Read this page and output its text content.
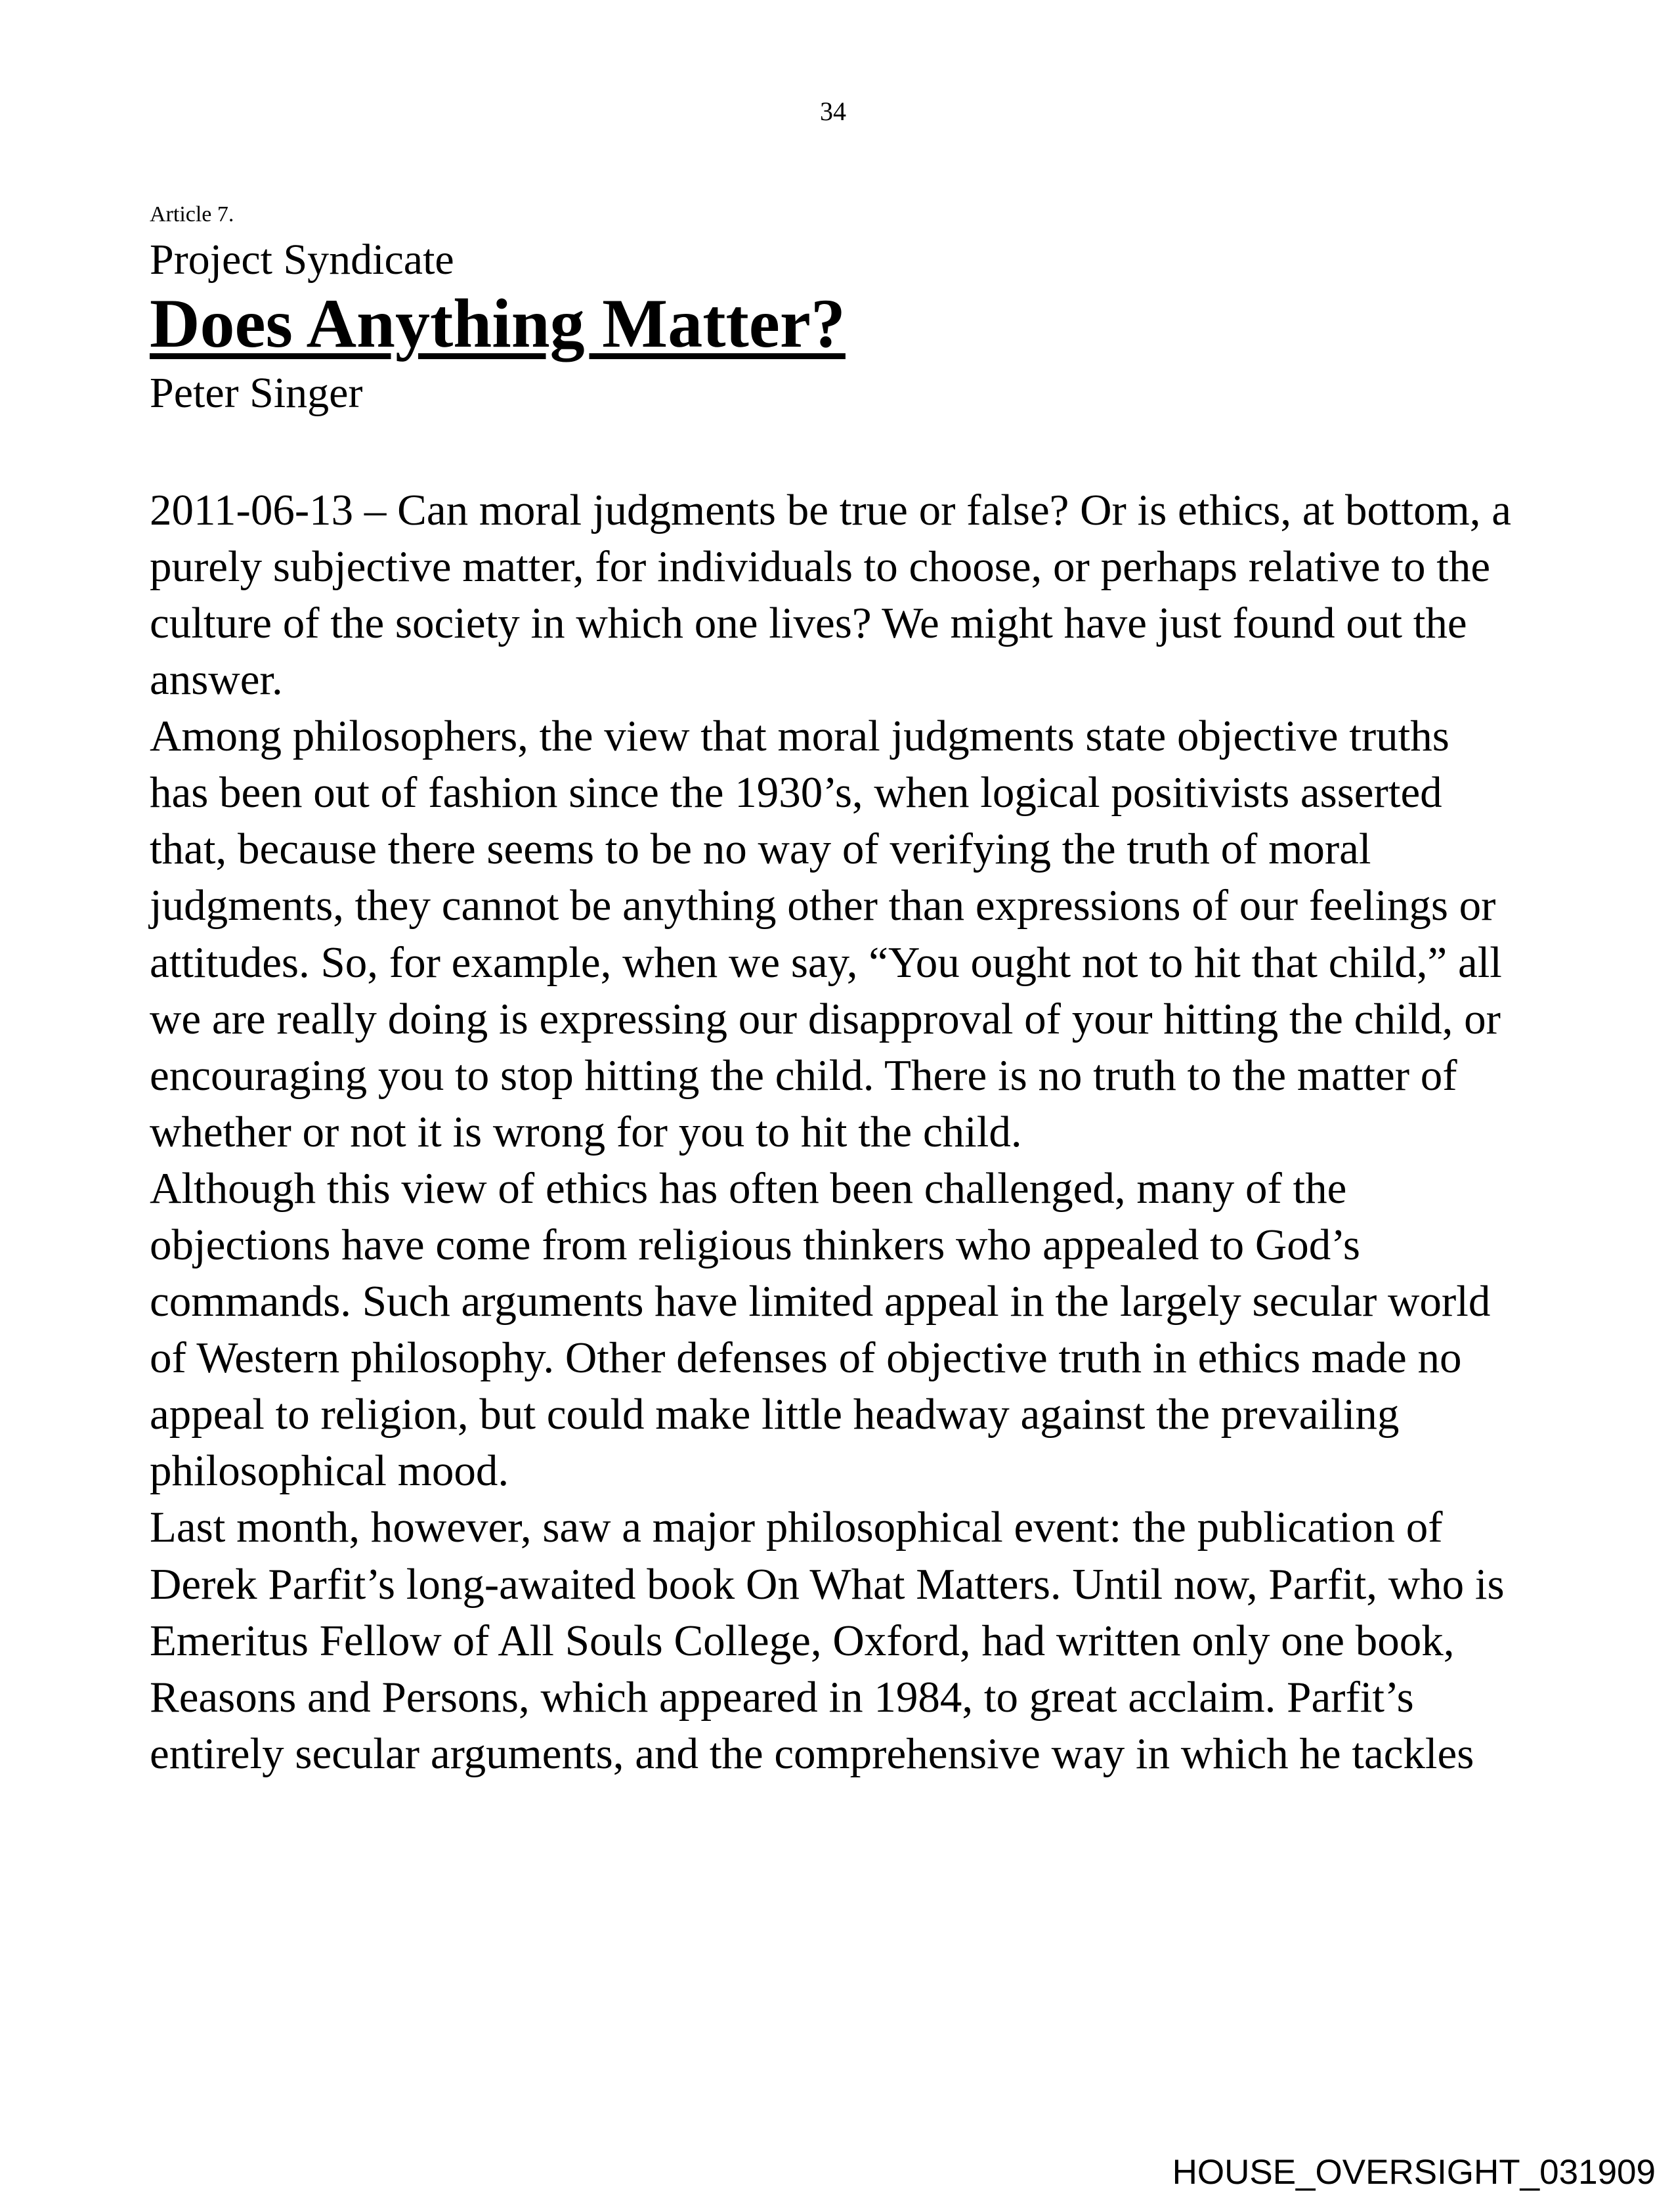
34
Article 7.
Project Syndicate
Does Anything Matter?
Peter Singer

2011-06-13 – Can moral judgments be true or false? Or is ethics, at bottom, a purely subjective matter, for individuals to choose, or perhaps relative to the culture of the society in which one lives? We might have just found out the answer.

Among philosophers, the view that moral judgments state objective truths has been out of fashion since the 1930’s, when logical positivists asserted that, because there seems to be no way of verifying the truth of moral judgments, they cannot be anything other than expressions of our feelings or attitudes. So, for example, when we say, “You ought not to hit that child,” all we are really doing is expressing our disapproval of your hitting the child, or encouraging you to stop hitting the child. There is no truth to the matter of whether or not it is wrong for you to hit the child.

Although this view of ethics has often been challenged, many of the objections have come from religious thinkers who appealed to God’s commands. Such arguments have limited appeal in the largely secular world of Western philosophy. Other defenses of objective truth in ethics made no appeal to religion, but could make little headway against the prevailing philosophical mood.

Last month, however, saw a major philosophical event: the publication of Derek Parfit’s long-awaited book On What Matters. Until now, Parfit, who is Emeritus Fellow of All Souls College, Oxford, had written only one book, Reasons and Persons, which appeared in 1984, to great acclaim. Parfit’s entirely secular arguments, and the comprehensive way in which he tackles

HOUSE_OVERSIGHT_031909
